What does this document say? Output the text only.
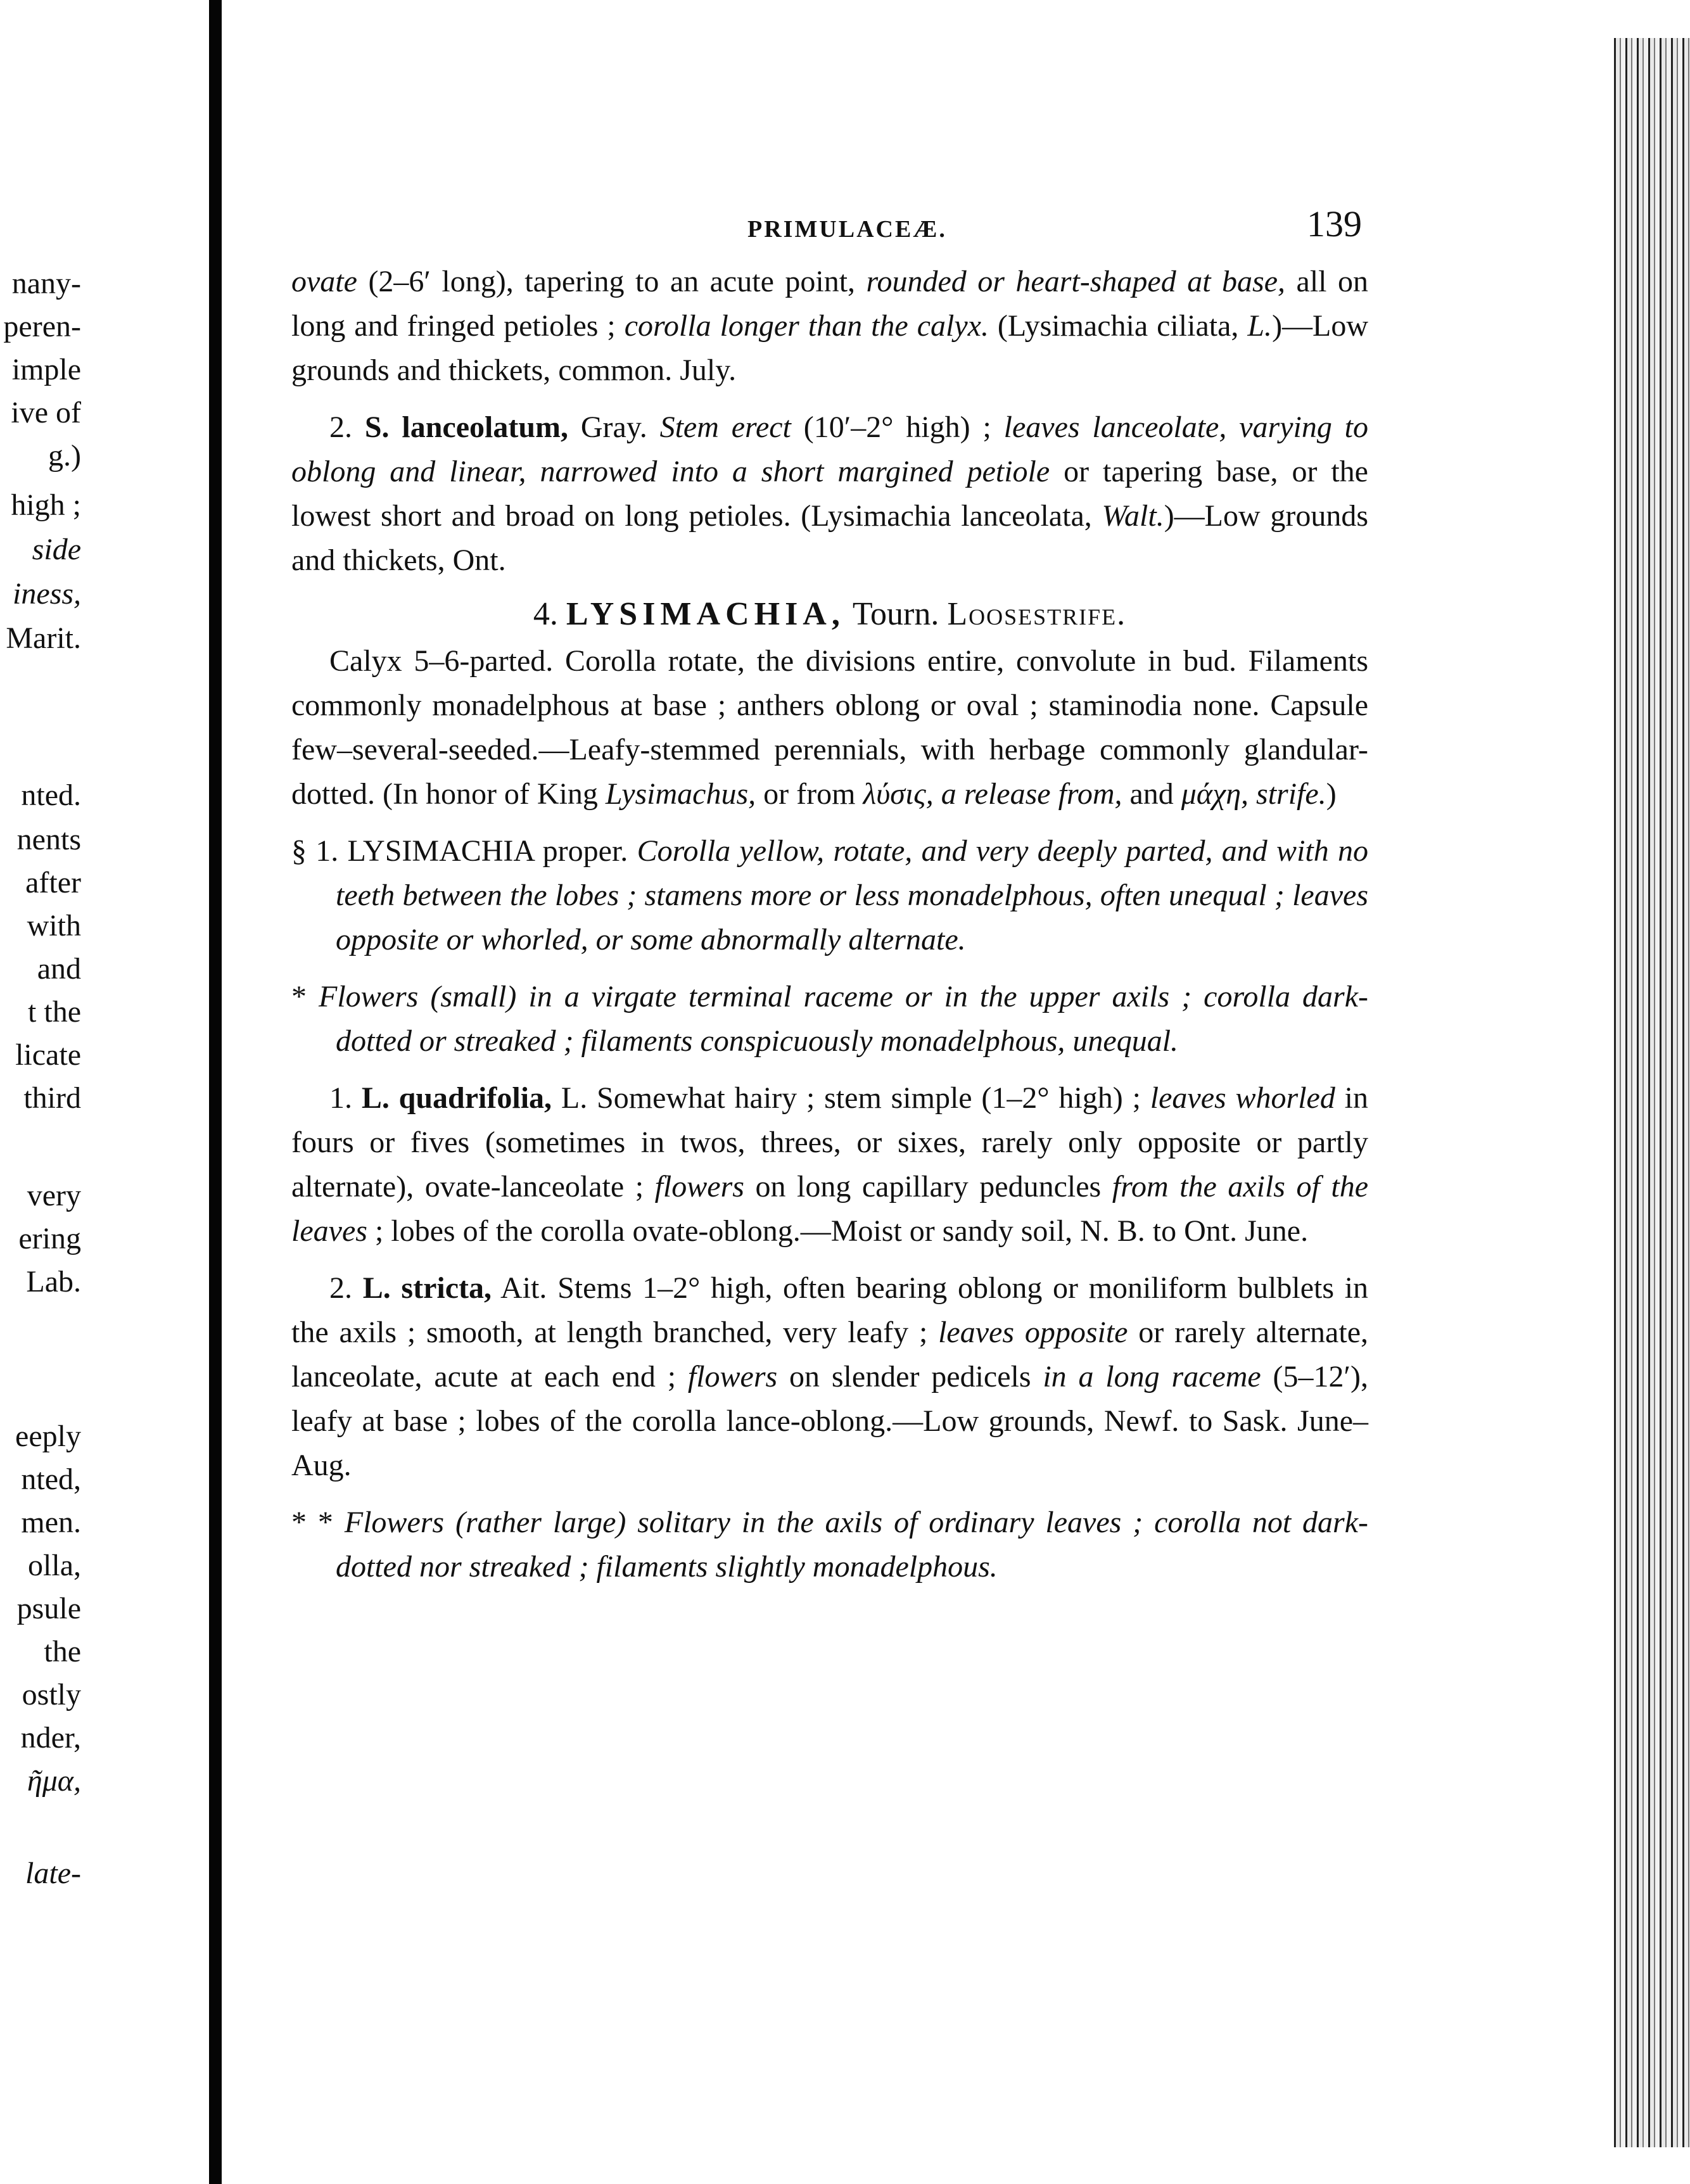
PRIMULACEÆ.	139

ovate (2–6′ long), tapering to an acute point, rounded or heart-shaped at base, all on long and fringed petioles ; corolla longer than the calyx. (Lysimachia ciliata, L.)—Low grounds and thickets, common. July.

2. S. lanceolatum, Gray. Stem erect (10′–2° high) ; leaves lanceolate, varying to oblong and linear, narrowed into a short margined petiole or tapering base, or the lowest short and broad on long petioles. (Lysimachia lanceolata, Walt.)—Low grounds and thickets, Ont.

4. LYSIMACHIA, Tourn. Loosestrife.

Calyx 5–6-parted. Corolla rotate, the divisions entire, convolute in bud. Filaments commonly monadelphous at base ; anthers oblong or oval ; staminodia none. Capsule few–several-seeded.—Leafy-stemmed perennials, with herbage commonly glandular-dotted. (In honor of King Lysimachus, or from λύσις, a release from, and μάχη, strife.)

§ 1. LYSIMACHIA proper. Corolla yellow, rotate, and very deeply parted, and with no teeth between the lobes ; stamens more or less monadelphous, often unequal ; leaves opposite or whorled, or some abnormally alternate.

* Flowers (small) in a virgate terminal raceme or in the upper axils ; corolla dark-dotted or streaked ; filaments conspicuously monadelphous, unequal.

1. L. quadrifolia, L. Somewhat hairy ; stem simple (1–2° high) ; leaves whorled in fours or fives (sometimes in twos, threes, or sixes, rarely only opposite or partly alternate), ovate-lanceolate ; flowers on long capillary peduncles from the axils of the leaves ; lobes of the corolla ovate-oblong.—Moist or sandy soil, N. B. to Ont. June.

2. L. stricta, Ait. Stems 1–2° high, often bearing oblong or moniliform bulblets in the axils ; smooth, at length branched, very leafy ; leaves opposite or rarely alternate, lanceolate, acute at each end ; flowers on slender pedicels in a long raceme (5–12′), leafy at base ; lobes of the corolla lance-oblong.—Low grounds, Newf. to Sask. June–Aug.

* * Flowers (rather large) solitary in the axils of ordinary leaves ; corolla not dark-dotted nor streaked ; filaments slightly monadelphous.

nany-
peren-
imple
ive of
g.)
high ;
side
iness,
Marit.
nted.
nents
after
with
and
t the
licate
third
very
ering
Lab.
eeply
nted,
men.
olla,
psule
the
ostly
nder,
ῆμα,
late-
